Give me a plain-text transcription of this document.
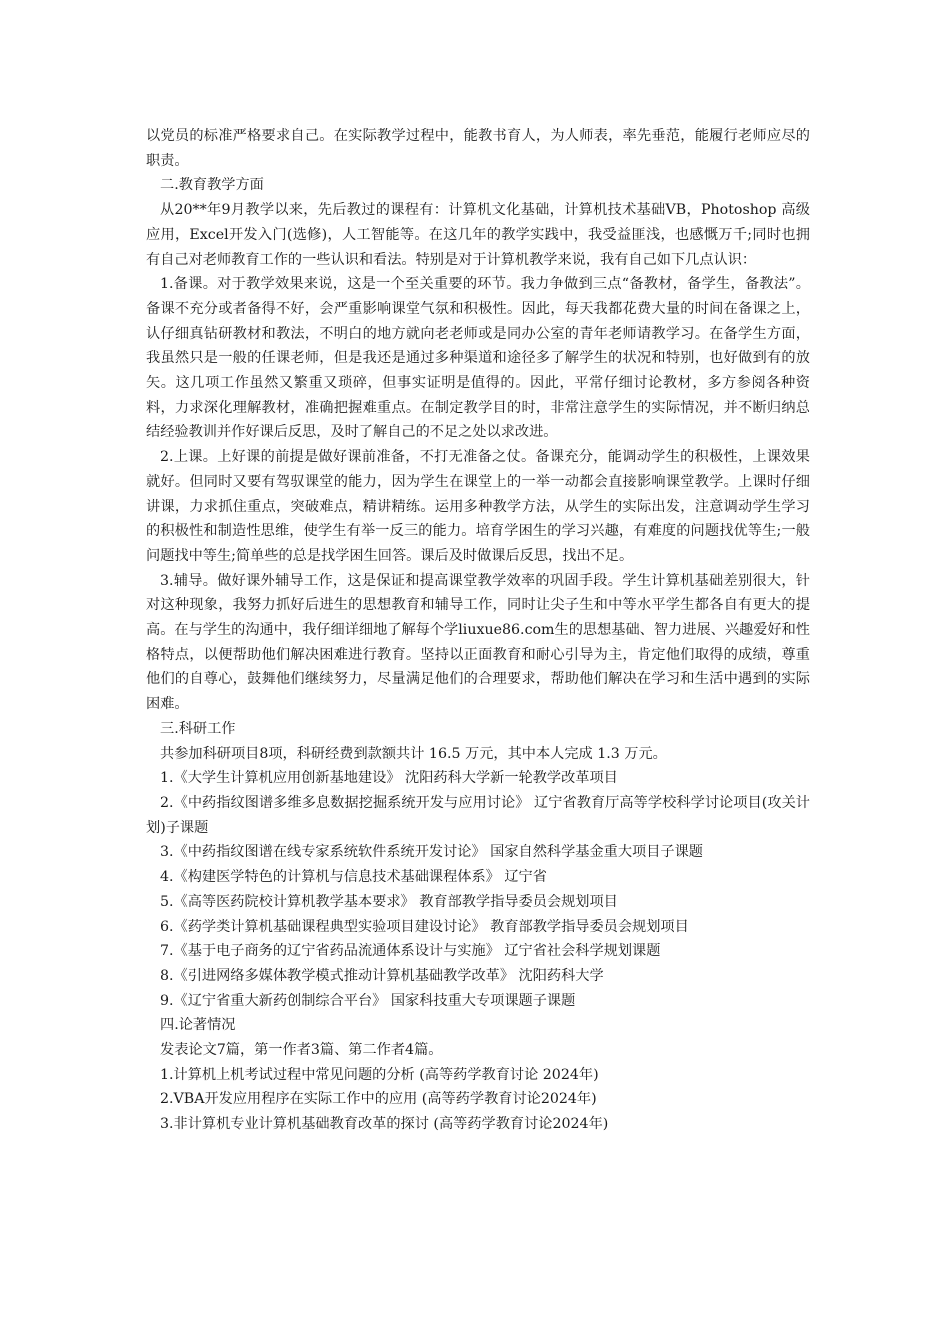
以党员的标准严格要求自己。在实际教学过程中，能教书育人，为人师表，率先垂范，能履行老师应尽的职责。

二.教育教学方面

从20**年9月教学以来，先后教过的课程有：计算机文化基础，计算机技术基础VB，Photoshop 高级应用，Excel开发入门(选修)，人工智能等。在这几年的教学实践中，我受益匪浅，也感慨万千;同时也拥有自己对老师教育工作的一些认识和看法。特别是对于计算机教学来说，我有自己如下几点认识：

1.备课。对于教学效果来说，这是一个至关重要的环节。我力争做到三点“备教材，备学生，备教法”。备课不充分或者备得不好，会严重影响课堂气氛和积极性。因此，每天我都花费大量的时间在备课之上，认仔细真钻研教材和教法，不明白的地方就向老老师或是同办公室的青年老师请教学习。在备学生方面，我虽然只是一般的任课老师，但是我还是通过多种渠道和途径多了解学生的状况和特别，也好做到有的放矢。这几项工作虽然又繁重又琐碎，但事实证明是值得的。因此，平常仔细讨论教材，多方参阅各种资料，力求深化理解教材，准确把握难重点。在制定教学目的时，非常注意学生的实际情况，并不断归纳总结经验教训并作好课后反思，及时了解自己的不足之处以求改进。

2.上课。上好课的前提是做好课前准备，不打无准备之仗。备课充分，能调动学生的积极性，上课效果就好。但同时又要有驾驭课堂的能力，因为学生在课堂上的一举一动都会直接影响课堂教学。上课时仔细讲课，力求抓住重点，突破难点，精讲精练。运用多种教学方法，从学生的实际出发，注意调动学生学习的积极性和制造性思维，使学生有举一反三的能力。培育学困生的学习兴趣，有难度的问题找优等生;一般问题找中等生;简单些的总是找学困生回答。课后及时做课后反思，找出不足。

3.辅导。做好课外辅导工作，这是保证和提高课堂教学效率的巩固手段。学生计算机基础差别很大，针对这种现象，我努力抓好后进生的思想教育和辅导工作，同时让尖子生和中等水平学生都各自有更大的提高。在与学生的沟通中，我仔细详细地了解每个学liuxue86.com生的思想基础、智力进展、兴趣爱好和性格特点，以便帮助他们解决困难进行教育。坚持以正面教育和耐心引导为主，肯定他们取得的成绩，尊重他们的自尊心，鼓舞他们继续努力，尽量满足他们的合理要求，帮助他们解决在学习和生活中遇到的实际困难。

三.科研工作

共参加科研项目8项，科研经费到款额共计 16.5 万元，其中本人完成 1.3 万元。

1.《大学生计算机应用创新基地建设》 沈阳药科大学新一轮教学改革项目

2.《中药指纹图谱多维多息数据挖掘系统开发与应用讨论》 辽宁省教育厅高等学校科学讨论项目(攻关计划)子课题

3.《中药指纹图谱在线专家系统软件系统开发讨论》 国家自然科学基金重大项目子课题

4.《构建医学特色的计算机与信息技术基础课程体系》 辽宁省

5.《高等医药院校计算机教学基本要求》 教育部教学指导委员会规划项目

6.《药学类计算机基础课程典型实验项目建设讨论》 教育部教学指导委员会规划项目

7.《基于电子商务的辽宁省药品流通体系设计与实施》 辽宁省社会科学规划课题

8.《引进网络多媒体教学模式推动计算机基础教学改革》 沈阳药科大学

9.《辽宁省重大新药创制综合平台》 国家科技重大专项课题子课题

四.论著情况

发表论文7篇，第一作者3篇、第二作者4篇。

1.计算机上机考试过程中常见问题的分析 (高等药学教育讨论 2024年)

2.VBA开发应用程序在实际工作中的应用 (高等药学教育讨论2024年)

3.非计算机专业计算机基础教育改革的探讨 (高等药学教育讨论2024年)
